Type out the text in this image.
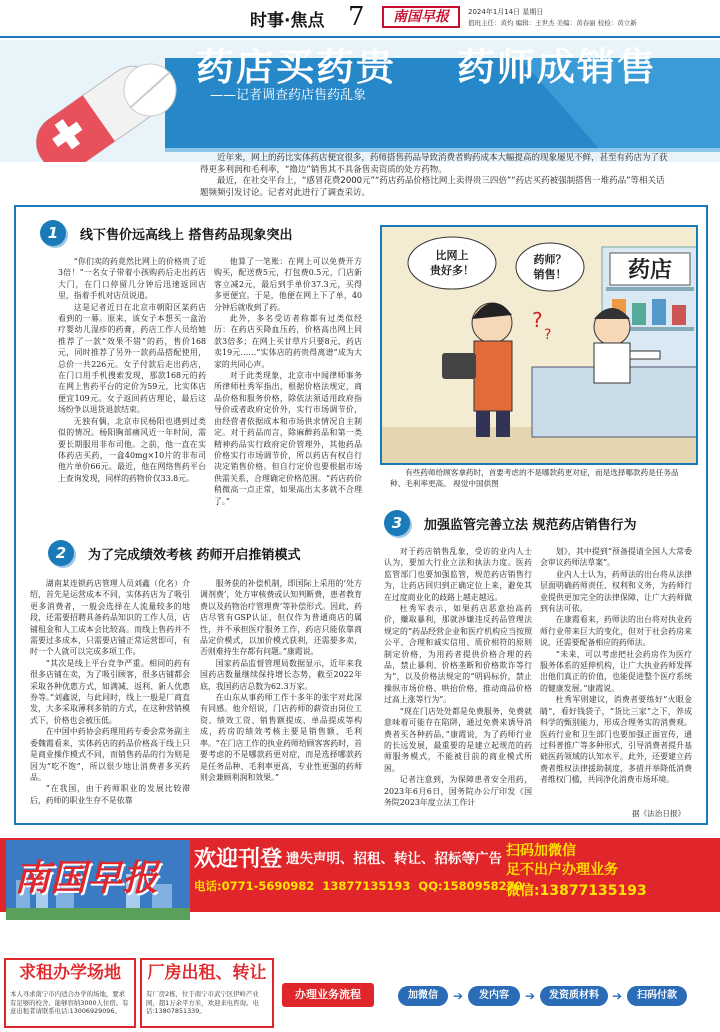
时事·焦点 7	南国早报	2024年1月14日 星期日
值班主任：黄灼 编辑：王世杰 美编：黄春丽 校检：黄立新
药店买药贵    药师成销售
——记者调查药店售药乱象

近年来，网上的药比实体药店便宜很多，药师搭售药品导致消费者购药成本大幅提高的现象屡见不鲜，甚至有药店为了获得更多利润和毛利率，“撸边”销售其不具备售卖资质的处方药物。

最近，在社交平台上，“感冒花费2000元”“药店药品价格比网上卖得贵三四倍”“药店买药被强制搭售一堆药品”等相关话题频频引发讨论。记者对此进行了调查采访。

1	线下售价远高线上 搭售药品现象突出

“你们卖的药竟然比网上的价格贵了近3倍！”一名女子带着小孩购药后走出药店大门，在门口停留几分钟后迅速返回店里，指着手机对店员说道。

这是记者近日在北京市朝阳区某药店看到的一幕。原来，该女子本想买一盒治疗婴幼儿湿疹的药膏，药店工作人员给她推荐了一款“效果不错”的药，售价168元，同时推荐了另外一款药品搭配使用，总价一共226元。女子付款后走出药店，在门口用手机搜索发现，那款168元的药在网上售药平台的定价为59元，比实体店便宜109元。女子返回药店理论，最后这场纷争以退货退款结束。

无独有偶，北京市民杨阳也遇到过类似的情况。杨阳胸部痛风近一年时间，需要长期服用非布司他。之前，他一直在实体药店买药，一盒40mg×10片的非布司他片单价66元。最近，他在网络售药平台上查询发现，同样的药物价仅33.8元。

他算了一笔账：在网上可以免费开方购买，配送费5元，打包费0.5元，门店新客立减2元，最后到手单价37.3元，买得多更便宜。于是，他便在网上下了单，40分钟后就收到了药。

此外，多名受访者称都有过类似经历：在药店买降血压药，价格高出网上同款3倍多；在网上买甘草片只要8元，药店卖19元……“实体店的药贵得离谱”成为大家的共同心声。

对于此类现象，北京市中闻律师事务所律师杜秀军指出，根据价格法规定，商品价格和服务价格，除依法须适用政府指导价或者政府定价外，实行市场调节价，由经营者依据成本和市场供求情况自主制定。对于药品而言，除麻醉药品和第一类精神药品实行政府定价管理外，其他药品价格实行市场调节价，所以药店有权自行决定销售价格。但自行定价也要根据市场供需关系，合理确定价格范围。“药店药价稍微高一点正常，如果高出太多就不合理了。”

药店
比网上
贵好多！
药师？
销售！
?
?
有些药师给顾客拿药时，首要考虑的不是哪款药更对症，而是选择哪款药是任务品种、毛利率更高。 视觉中国供图
2	为了完成绩效考核 药师开启推销模式

湖南某连锁药店管理人员刘鑫（化名）介绍，首先是运营成本不同，实体药店为了吸引更多消费者，一般会选择在人流量较多的地段，还需要招聘具备药品知识的工作人员，店铺租金和人工成本会比较高。而线上售药并不需要过多成本，只需要店铺正常运营即可，有时一个人就可以完成多项工作。

“其次是线上平台竞争严重。相同的药有很多店铺在卖，为了吸引顾客，很多店铺都会采取各种优惠方式，如满减、返利、新人优惠券等。”刘鑫说，与此同时，线上一般是厂商直发，大多采取薄利多销的方式，在这种营销模式下，价格也会被压低。

在中国中药协会药理用药专委会常务副主委魏霞看来，实体药店的药品价格高于线上只是商业操作模式不同，而销售药品的行为则是因为“吃不饱”，所以很少地让消费者多买药品。

“在我国，由于药师职业的发展比较滞后，药师的职业生存不是依靠

服务获的补偿机制，即国际上采用的‘处方调剂费’，处方审核费或认知判断费，患者教育费以及药物治疗管理费’等补偿形式。因此，药店尽管有GSP认证，但仅作为普通商店的属性，并不承担医疗服务工作，药店只能依靠商品定价模式，以加价模式获利，还需要多卖，否则难持生存都有问题。”康霞说。

国家药品监督管理局数据显示，近年来我国药店数量继续保持增长态势，截至2022年底，我国药店总数为62.3万家。

在山东从事药师工作十多年的张宇对此深有同感。他介绍说，门店药师的薪资由岗位工资、绩效工资、销售额提成、单品提成等构成，药房的绩效考核主要是销售额、毛利率。“在门店工作的执业药师给顾客客药时，首要考虑的不是哪款药更对症，而是选择哪款药是任务品种、毛利率更高，专业性更强的药师则会兼顾利润和效果。”

3	加强监管完善立法 规范药店销售行为

对于药店销售乱象，受访的业内人士认为，要加大行业立法和执法力度。医药监管部门也要加强监管，规范药店销售行为，让药店回归到正确定位上来，避免其在过度商业化的歧路上越走越远。

杜秀军表示，如果药店恶意抬高药价，赚取暴利，那就涉嫌违反药品管理法规定的“药品经营企业和医疗机构应当按照公平、合理和诚实信用、质价相符的原则制定价格，为用药者提供价格合理的药品，禁止暴利、价格垄断和价格欺诈等行为”，以及价格法规定的“明码标价，禁止操纵市场价格、哄抬价格，推动商品价格过高上涨等行为”。

“现在门店处处都是免费服务，免费就意味着可能存在陷阱，通过免费来诱导消费者买各种药品，”康霞说，为了药师行业的长远发展，最重要的是建立起规范的药师服务模式，不能被目前的商业模式所困。

记者注意到，为保障患者安全用药，2023年6月6日，国务院办公厅印发《国务院2023年度立法工作计

划》，其中提到“预备提请全国人大常委会审议药师法草案”。

业内人士认为，药师法的出台将从法律层面明确药师责任、权利和义务，为药师行业提供更加完全的法律保障，让广大药师做到有法可依。

在康霞看来，药师法的出台将对执业药师行业带来巨大的变化，但对于社会药房来说，还需要配备相应的药师法。

“未来，可以考虑把社会药房作为医疗服务体系的延伸机构，让广大执业药师发挥出他们真正的价值，也能促进整个医疗系统的健康发展。”康霞说。

杜秀军则建议，消费者要练好“火眼金睛”，看好钱袋子，“货比三家”之下，养成科学的甄别能力，形成合理务实的消费观。医药行业和卫生部门也要加强正面宣传，通过科普推广等多种形式，引导消费者提升基础医药领域的认知水平。此外，还要建立药费者维权法律援助制度，多措并举降低消费者维权门槛，共同净化消费市场环境。

据《法治日报》
南国早报 欢迎刊登 遗失声明、招租、转让、招标等广告
电话:0771-5690982  13877135193  QQ:1580958270
扫码加微信
足不出户办理业务
微信:13877135193
求租办学场地
本人寻求南宁市内适合办学的场地，要求有足够的校舍、能够容纳3000人住宿。有意出租者请联系电话:13006929096。
厂房出租、转让
有厂房2栋，位于南宁市武宁区伊岭产业园，超1万余平方米，欢迎来电咨询。电话:13807851339。
办理业务流程	加微信	➔	发内容	➔	发资质材料	➔	扫码付款
